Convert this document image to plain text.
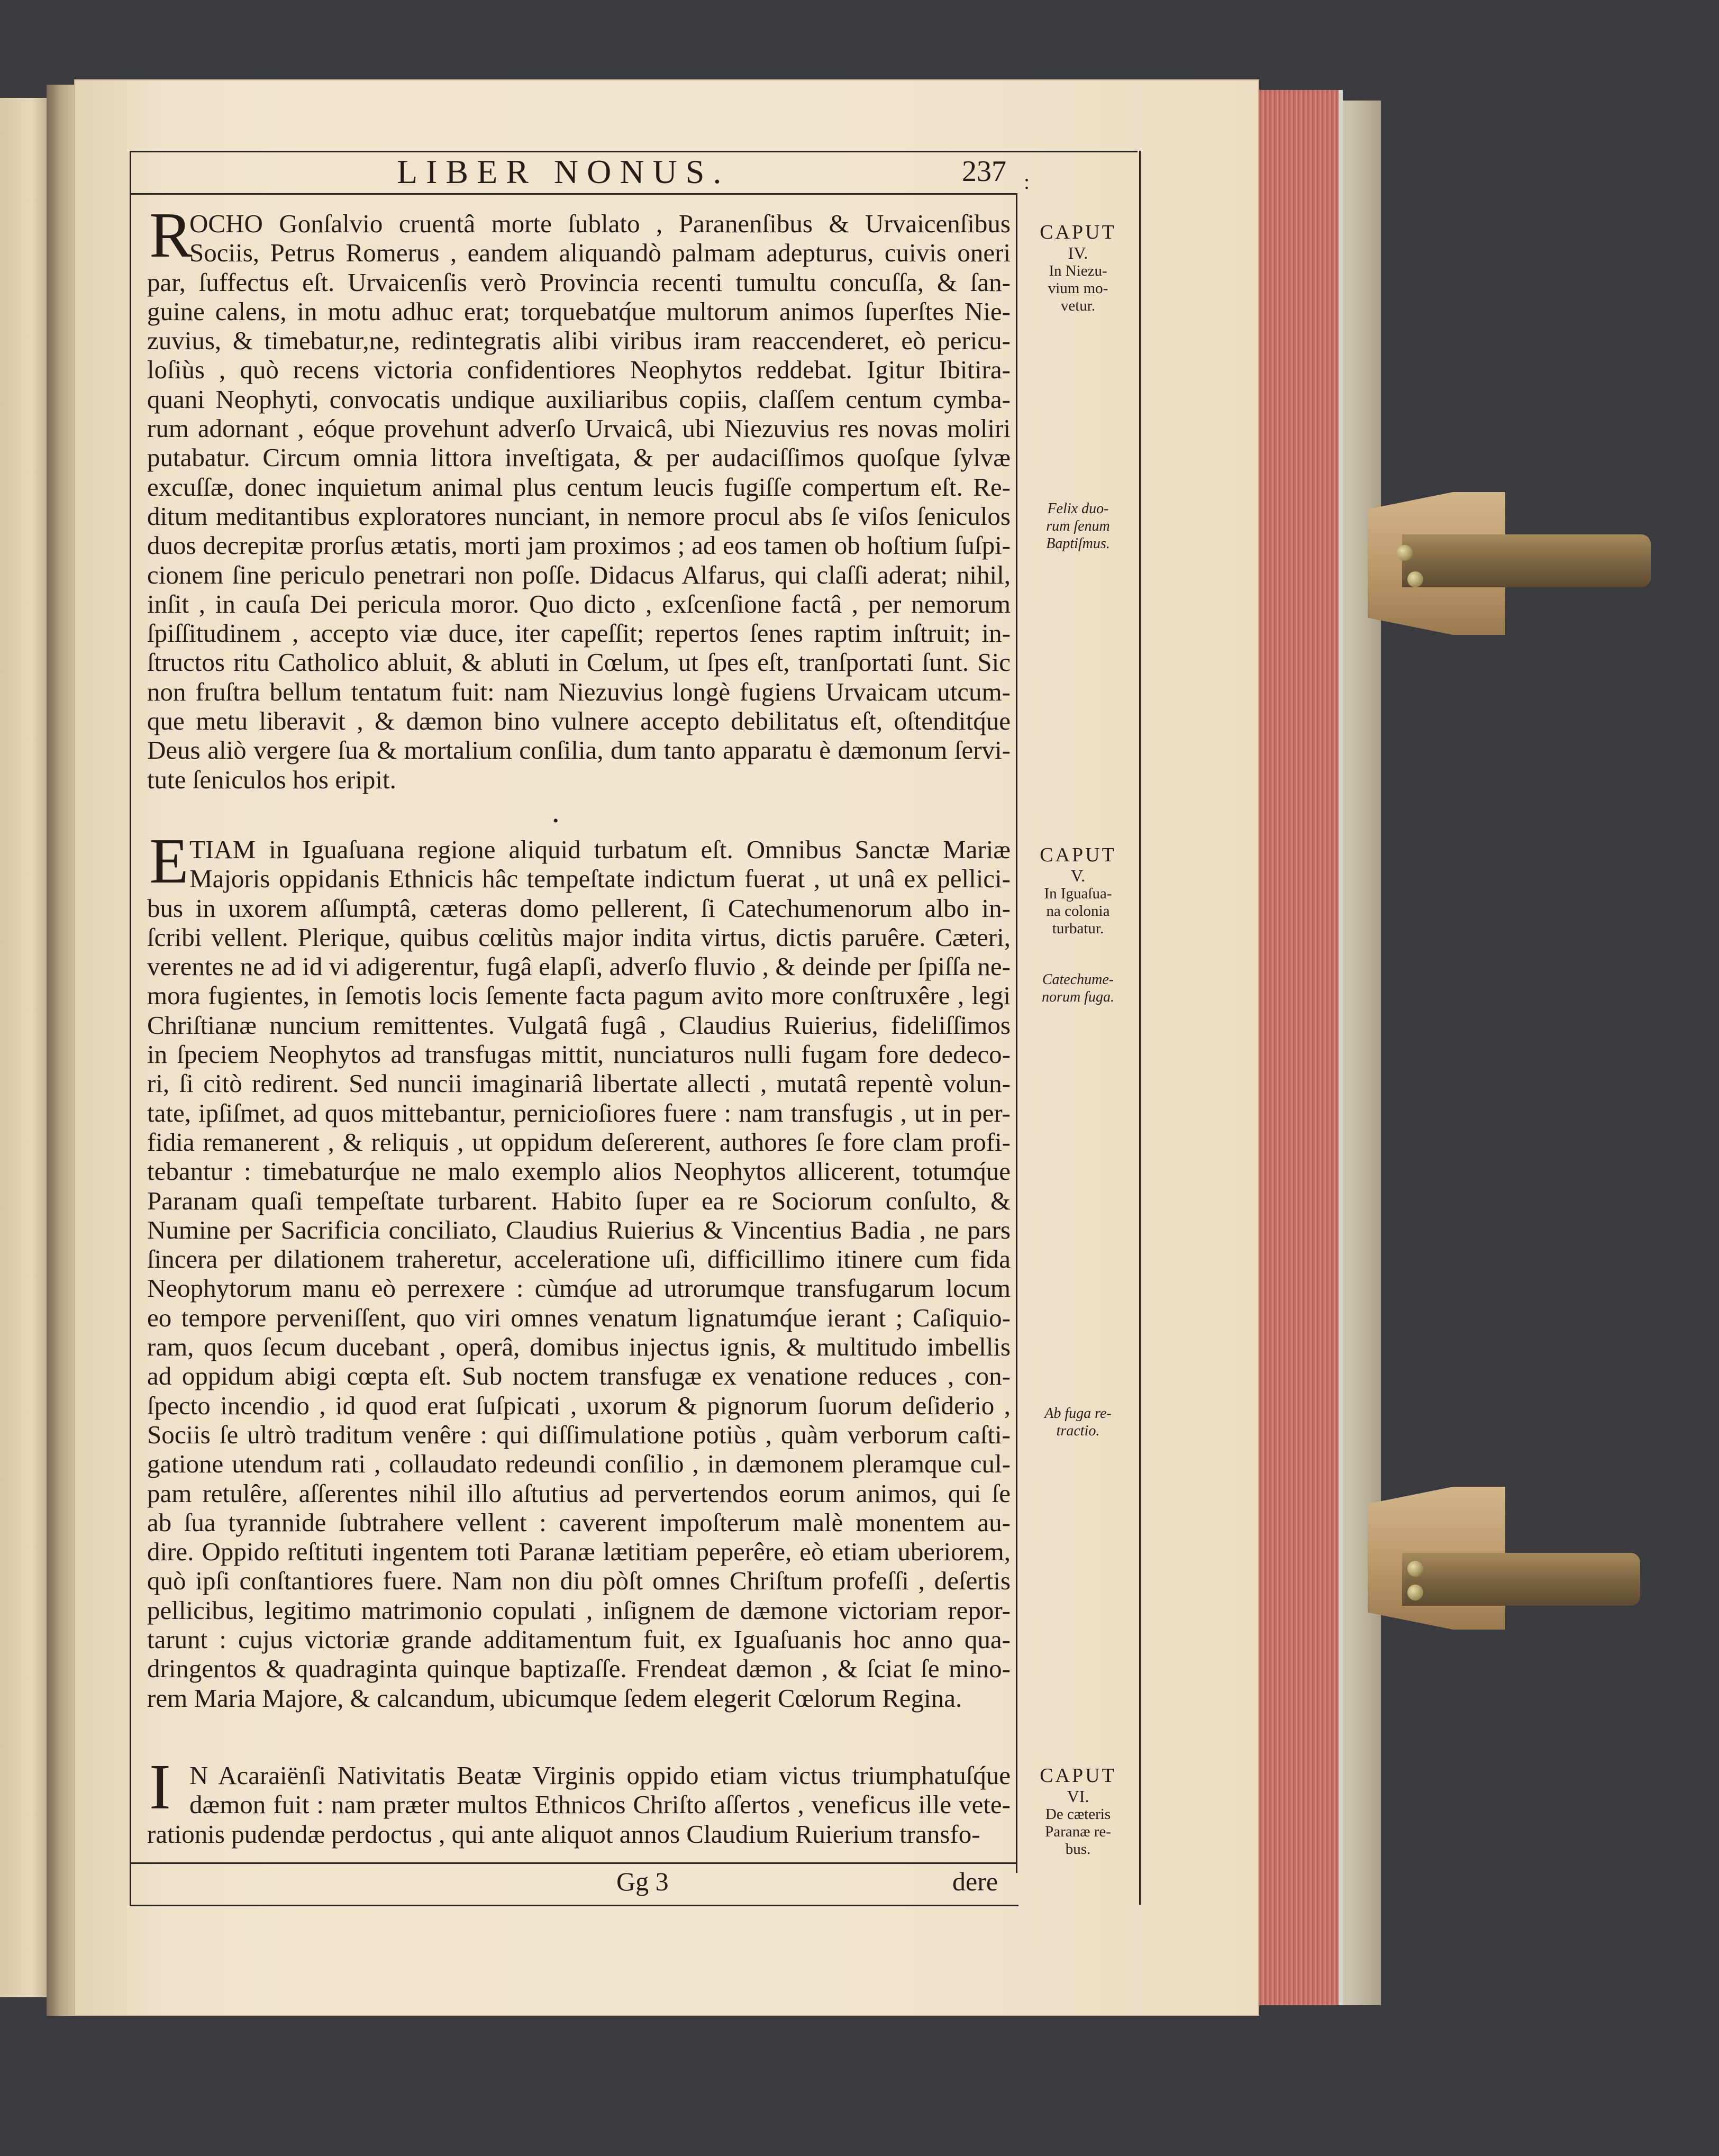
LIBER NONUS.	237 :
R
OCHO Gonſalvio cruentâ morte ſublato , Paranenſibus & Urvaicenſibus
Sociis, Petrus Romerus , eandem aliquandò palmam adepturus, cuivis oneri
par, ſuffectus eſt. Urvaicenſis verò Provincia recenti tumultu concuſſa, & ſan-
guine calens, in motu adhuc erat; torquebatq́ue multorum animos ſuperſtes Nie-
zuvius, & timebatur,ne, redintegratis alibi viribus iram reaccenderet, eò pericu-
loſiùs , quò recens victoria confidentiores Neophytos reddebat. Igitur Ibitira-
quani Neophyti, convocatis undique auxiliaribus copiis, claſſem centum cymba-
rum adornant , eóque provehunt adverſo Urvaicâ, ubi Niezuvius res novas moliri
putabatur. Circum omnia littora inveſtigata, & per audaciſſimos quoſque ſylvæ
excuſſæ, donec inquietum animal plus centum leucis fugiſſe compertum eſt. Re-
ditum meditantibus exploratores nunciant, in nemore procul abs ſe viſos ſeniculos
duos decrepitæ prorſus ætatis, morti jam proximos ; ad eos tamen ob hoſtium ſuſpi-
cionem ſine periculo penetrari non poſſe. Didacus Alfarus, qui claſſi aderat; nihil,
inſit , in cauſa Dei pericula moror. Quo dicto , exſcenſione factâ , per nemorum
ſpiſſitudinem , accepto viæ duce, iter capeſſit; repertos ſenes raptim inſtruit; in-
ſtructos ritu Catholico abluit, & abluti in Cœlum, ut ſpes eſt, tranſportati ſunt. Sic
non fruſtra bellum tentatum fuit: nam Niezuvius longè fugiens Urvaicam utcum-
que metu liberavit , & dæmon bino vulnere accepto debilitatus eſt, oſtenditq́ue
Deus aliò vergere ſua & mortalium conſilia, dum tanto apparatu è dæmonum ſervi-
tute ſeniculos hos eripit.
•
E TIAM in Iguaſuana regione aliquid turbatum eſt. Omnibus Sanctæ Mariæ
Majoris oppidanis Ethnicis hâc tempeſtate indictum fuerat , ut unâ ex pellici-
bus in uxorem aſſumptâ, cæteras domo pellerent, ſi Catechumenorum albo in-
ſcribi vellent. Plerique, quibus cœlitùs major indita virtus, dictis paruêre. Cæteri,
verentes ne ad id vi adigerentur, fugâ elapſi, adverſo fluvio , & deinde per ſpiſſa ne-
mora fugientes, in ſemotis locis ſemente facta pagum avito more conſtruxêre , legi
Chriſtianæ nuncium remittentes. Vulgatâ fugâ , Claudius Ruierius, fideliſſimos
in ſpeciem Neophytos ad transfugas mittit, nunciaturos nulli fugam fore dedeco-
ri, ſi citò redirent. Sed nuncii imaginariâ libertate allecti , mutatâ repentè volun-
tate, ipſiſmet, ad quos mittebantur, pernicioſiores fuere : nam transfugis , ut in per-
fidia remanerent , & reliquis , ut oppidum deſererent, authores ſe fore clam profi-
tebantur : timebaturq́ue ne malo exemplo alios Neophytos allicerent, totumq́ue
Paranam quaſi tempeſtate turbarent. Habito ſuper ea re Sociorum conſulto, &
Numine per Sacrificia conciliato, Claudius Ruierius & Vincentius Badia , ne pars
ſincera per dilationem traheretur, acceleratione uſi, difficillimo itinere cum fida
Neophytorum manu eò perrexere : cùmq́ue ad utrorumque transfugarum locum
eo tempore perveniſſent, quo viri omnes venatum lignatumq́ue ierant ; Caſiquio-
ram, quos ſecum ducebant , operâ, domibus injectus ignis, & multitudo imbellis
ad oppidum abigi cœpta eſt. Sub noctem transfugæ ex venatione reduces , con-
ſpecto incendio , id quod erat ſuſpicati , uxorum & pignorum ſuorum deſiderio ,
Sociis ſe ultrò traditum venêre : qui diſſimulatione potiùs , quàm verborum caſti-
gatione utendum rati , collaudato redeundi conſilio , in dæmonem pleramque cul-
pam retulêre, aſſerentes nihil illo aſtutius ad pervertendos eorum animos, qui ſe
ab ſua tyrannide ſubtrahere vellent : caverent impoſterum malè monentem au-
dire. Oppido reſtituti ingentem toti Paranæ lætitiam peperêre, eò etiam uberiorem,
quò ipſi conſtantiores fuere. Nam non diu pòſt omnes Chriſtum profeſſi , deſertis
pellicibus, legitimo matrimonio copulati , inſignem de dæmone victoriam repor-
tarunt : cujus victoriæ grande additamentum fuit, ex Iguaſuanis hoc anno qua-
dringentos & quadraginta quinque baptizaſſe. Frendeat dæmon , & ſciat ſe mino-
rem Maria Majore, & calcandum, ubicumque ſedem elegerit Cœlorum Regina.
I N Acaraiënſi Nativitatis Beatæ Virginis oppido etiam victus triumphatuſq́ue
dæmon fuit : nam præter multos Ethnicos Chriſto aſſertos , veneficus ille vete-
rationis pudendæ perdoctus , qui ante aliquot annos Claudium Ruierium transfo-
CAPUT
IV.
In Niezu-
vium mo-
vetur.
Felix duo-
rum ſenum
Baptiſmus.
CAPUT
V.
In Iguaſua-
na colonia
turbatur.
Catechume-
norum fuga.
Ab fuga re-
tractio.
CAPUT
VI.
De cæteris
Paranæ re-
bus.
Gg 3	dere
